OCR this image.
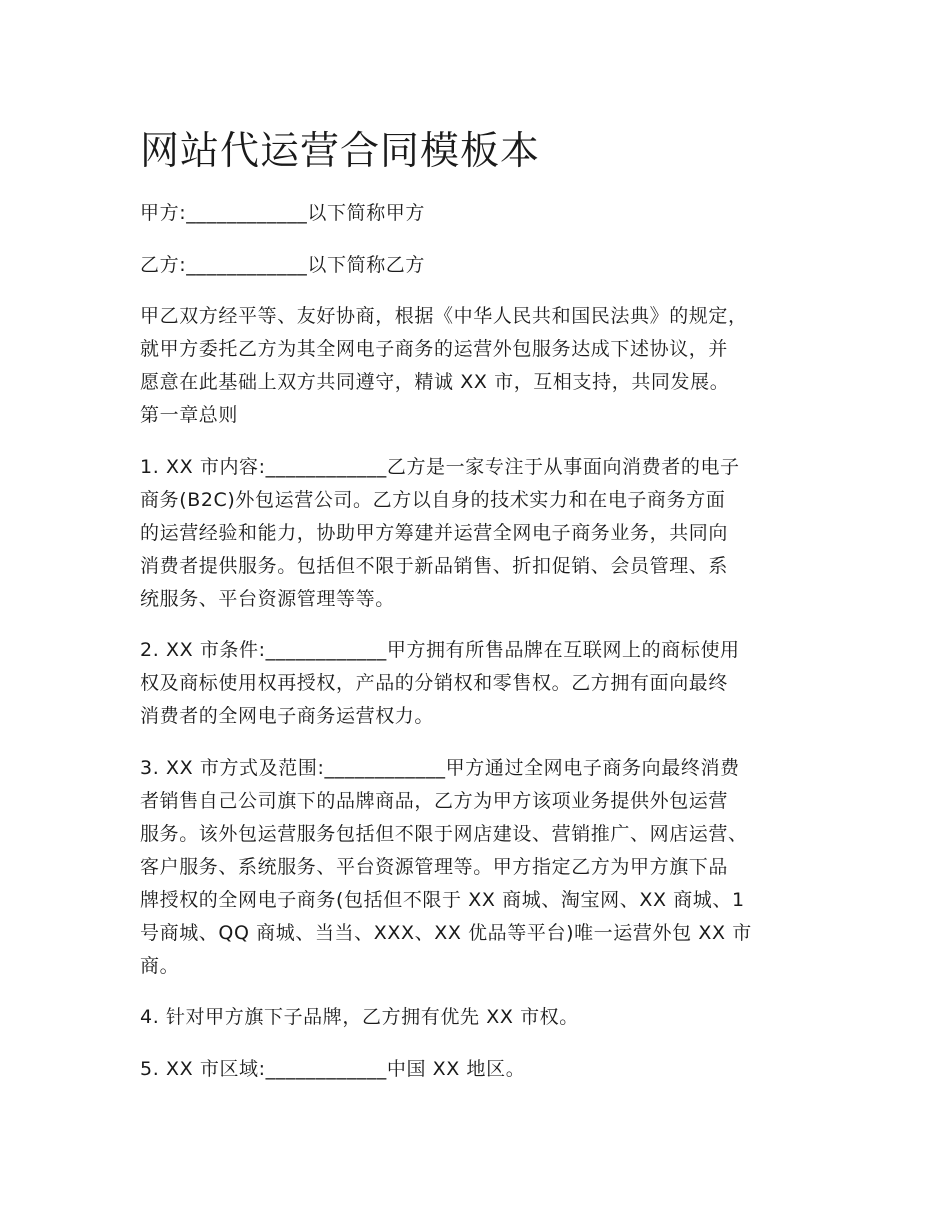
网站代运营合同模板本

甲方:____________以下简称甲方

乙方:____________以下简称乙方

甲乙双方经平等、友好协商，根据《中华人民共和国民法典》的规定，
就甲方委托乙方为其全网电子商务的运营外包服务达成下述协议，并
愿意在此基础上双方共同遵守，精诚 XX 市，互相支持，共同发展。
第一章总则

1. XX 市内容:____________乙方是一家专注于从事面向消费者的电子
商务(B2C)外包运营公司。乙方以自身的技术实力和在电子商务方面
的运营经验和能力，协助甲方筹建并运营全网电子商务业务，共同向
消费者提供服务。包括但不限于新品销售、折扣促销、会员管理、系
统服务、平台资源管理等等。

2. XX 市条件:____________甲方拥有所售品牌在互联网上的商标使用
权及商标使用权再授权，产品的分销权和零售权。乙方拥有面向最终
消费者的全网电子商务运营权力。

3. XX 市方式及范围:____________甲方通过全网电子商务向最终消费
者销售自己公司旗下的品牌商品，乙方为甲方该项业务提供外包运营
服务。该外包运营服务包括但不限于网店建设、营销推广、网店运营、
客户服务、系统服务、平台资源管理等。甲方指定乙方为甲方旗下品
牌授权的全网电子商务(包括但不限于 XX 商城、淘宝网、XX 商城、1
号商城、QQ 商城、当当、XXX、XX 优品等平台)唯一运营外包 XX 市
商。

4. 针对甲方旗下子品牌，乙方拥有优先 XX 市权。

5. XX 市区域:____________中国 XX 地区。
